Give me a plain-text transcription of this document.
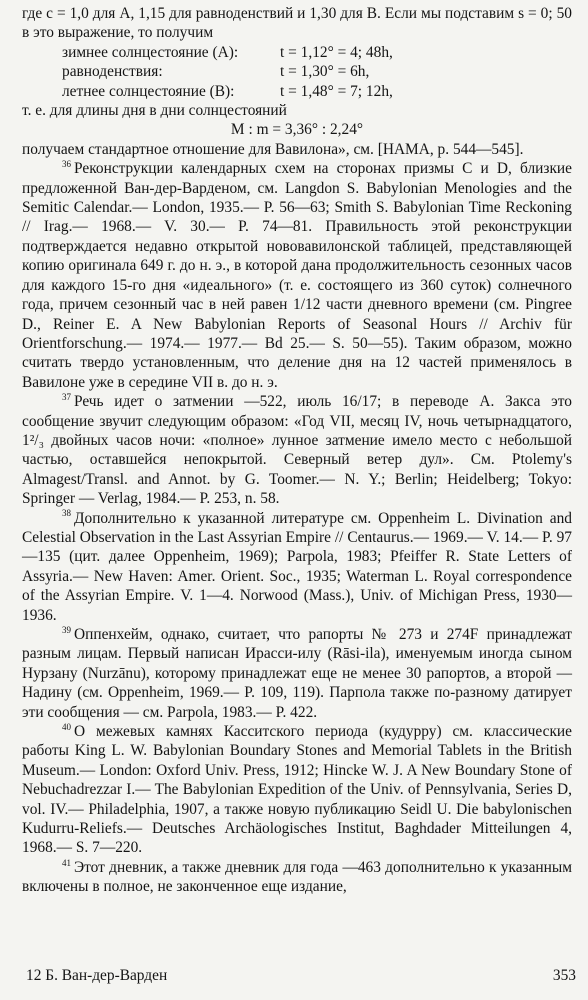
где c = 1,0 для A, 1,15 для равноденствий и 1,30 для B. Если мы подставим s = 0; 50 в это выражение, то получим

зимнее солнцестояние (A):	t = 1,12° = 4; 48h,
равноденствия:	t = 1,30° = 6h,
летнее солнцестояние (B):	t = 1,48° = 7; 12h,

т. е. для длины дня в дни солнцестояний

M : m = 3,36° : 2,24°

получаем стандартное отношение для Вавилона», см. [HAMA, p. 544—545].

$^{36}$ Реконструкции календарных схем на сторонах призмы C и D, близкие предложенной Ван-дер-Варденом, см. Langdon S. Babylonian Menologies and the Semitic Calendar.— London, 1935.— P. 56—63; Smith S. Babylonian Time Reckoning // Irag.— 1968.— V. 30.— P. 74—81. Правильность этой реконструкции подтверждается недавно открытой нововавилонской таблицей, представляющей копию оригинала 649 г. до н. э., в которой дана продолжительность сезонных часов для каждого 15-го дня «идеального» (т. е. состоящего из 360 суток) солнечного года, причем сезонный час в ней равен 1/12 части дневного времени (см. Pingree D., Reiner E. A New Babylonian Reports of Seasonal Hours // Archiv für Orientforschung.— 1974.— 1977.— Bd 25.— S. 50—55). Таким образом, можно считать твердо установленным, что деление дня на 12 частей применялось в Вавилоне уже в середине VII в. до н. э.

$^{37}$ Речь идет о затмении —522, июль 16/17; в переводе А. Закса это сообщение звучит следующим образом: «Год VII, месяц IV, ночь четырнадцатого, 1²/₃ двойных часов ночи: «полное» лунное затмение имело место с небольшой частью, оставшейся непокрытой. Северный ветер дул». См. Ptolemy's Almagest/Transl. and Annot. by G. Toomer.— N. Y.; Berlin; Heidelberg; Tokyo: Springer — Verlag, 1984.— P. 253, n. 58.

$^{38}$ Дополнительно к указанной литературе см. Oppenheim L. Divination and Celestial Observation in the Last Assyrian Empire // Centaurus.— 1969.— V. 14.— P. 97—135 (цит. далее Oppenheim, 1969); Parpola, 1983; Pfeiffer R. State Letters of Assyria.— New Haven: Amer. Orient. Soc., 1935; Waterman L. Royal correspondence of the Assyrian Empire. V. 1—4. Norwood (Mass.), Univ. of Michigan Press, 1930—1936.

$^{39}$ Оппенхейм, однако, считает, что рапорты № 273 и 274F принадлежат разным лицам. Первый написан Ирасси-илу (Rāsi-ila), именуемым иногда сыном Нурзану (Nurzānu), которому принадлежат еще не менее 30 рапортов, а второй — Надину (см. Oppenheim, 1969.— P. 109, 119). Парпола также по-разному датирует эти сообщения — см. Parpola, 1983.— P. 422.

$^{40}$ О межевых камнях Касситского периода (кудурру) см. классические работы King L. W. Babylonian Boundary Stones and Memorial Tablets in the British Museum.— London: Oxford Univ. Press, 1912; Hincke W. J. A New Boundary Stone of Nebuchadrezzar I.— The Babylonian Expedition of the Univ. of Pennsylvania, Series D, vol. IV.— Philadelphia, 1907, а также новую публикацию Seidl U. Die babylonischen Kudurru-Reliefs.— Deutsches Archäologisches Institut, Baghdader Mitteilungen 4, 1968.— S. 7—220.

$^{41}$ Этот дневник, а также дневник для года —463 дополнительно к указанным включены в полное, не законченное еще издание,

12 Б. Ван-дер-Варден	353
